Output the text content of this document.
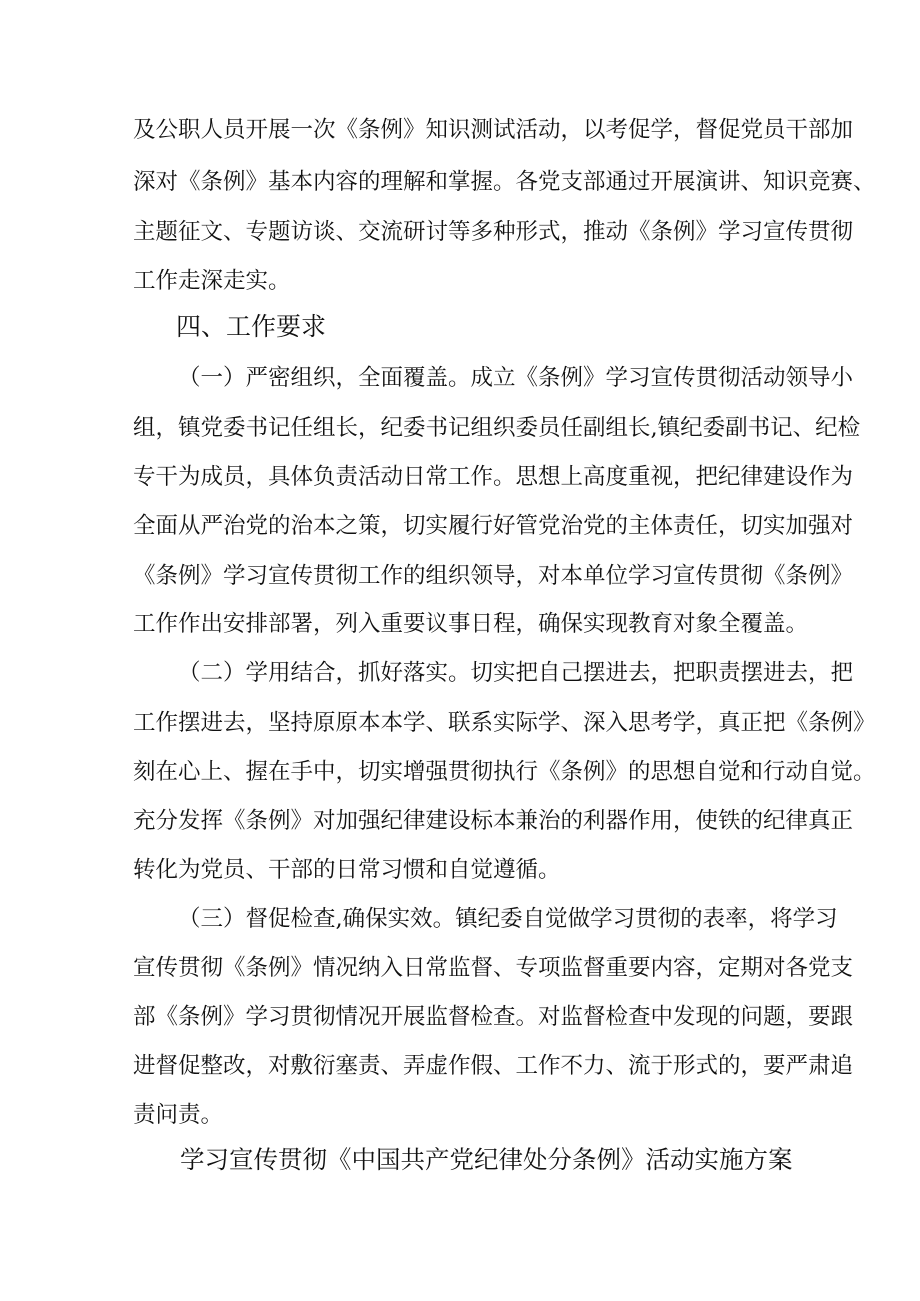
及公职人员开展一次《条例》知识测试活动，以考促学，督促党员干部加
深对《条例》基本内容的理解和掌握。各党支部通过开展演讲、知识竞赛、
主题征文、专题访谈、交流研讨等多种形式，推动《条例》学习宣传贯彻
工作走深走实。
四、工作要求
（一）严密组织，全面覆盖。成立《条例》学习宣传贯彻活动领导小
组，镇党委书记任组长，纪委书记组织委员任副组长,镇纪委副书记、纪检
专干为成员，具体负责活动日常工作。思想上高度重视，把纪律建设作为
全面从严治党的治本之策，切实履行好管党治党的主体责任，切实加强对
《条例》学习宣传贯彻工作的组织领导，对本单位学习宣传贯彻《条例》
工作作出安排部署，列入重要议事日程，确保实现教育对象全覆盖。
（二）学用结合，抓好落实。切实把自己摆进去，把职责摆进去，把
工作摆进去，坚持原原本本学、联系实际学、深入思考学，真正把《条例》
刻在心上、握在手中，切实增强贯彻执行《条例》的思想自觉和行动自觉。
充分发挥《条例》对加强纪律建设标本兼治的利器作用，使铁的纪律真正
转化为党员、干部的日常习惯和自觉遵循。
（三）督促检查,确保实效。镇纪委自觉做学习贯彻的表率，将学习
宣传贯彻《条例》情况纳入日常监督、专项监督重要内容，定期对各党支
部《条例》学习贯彻情况开展监督检查。对监督检查中发现的问题，要跟
进督促整改，对敷衍塞责、弄虚作假、工作不力、流于形式的，要严肃追
责问责。
学习宣传贯彻《中国共产党纪律处分条例》活动实施方案
